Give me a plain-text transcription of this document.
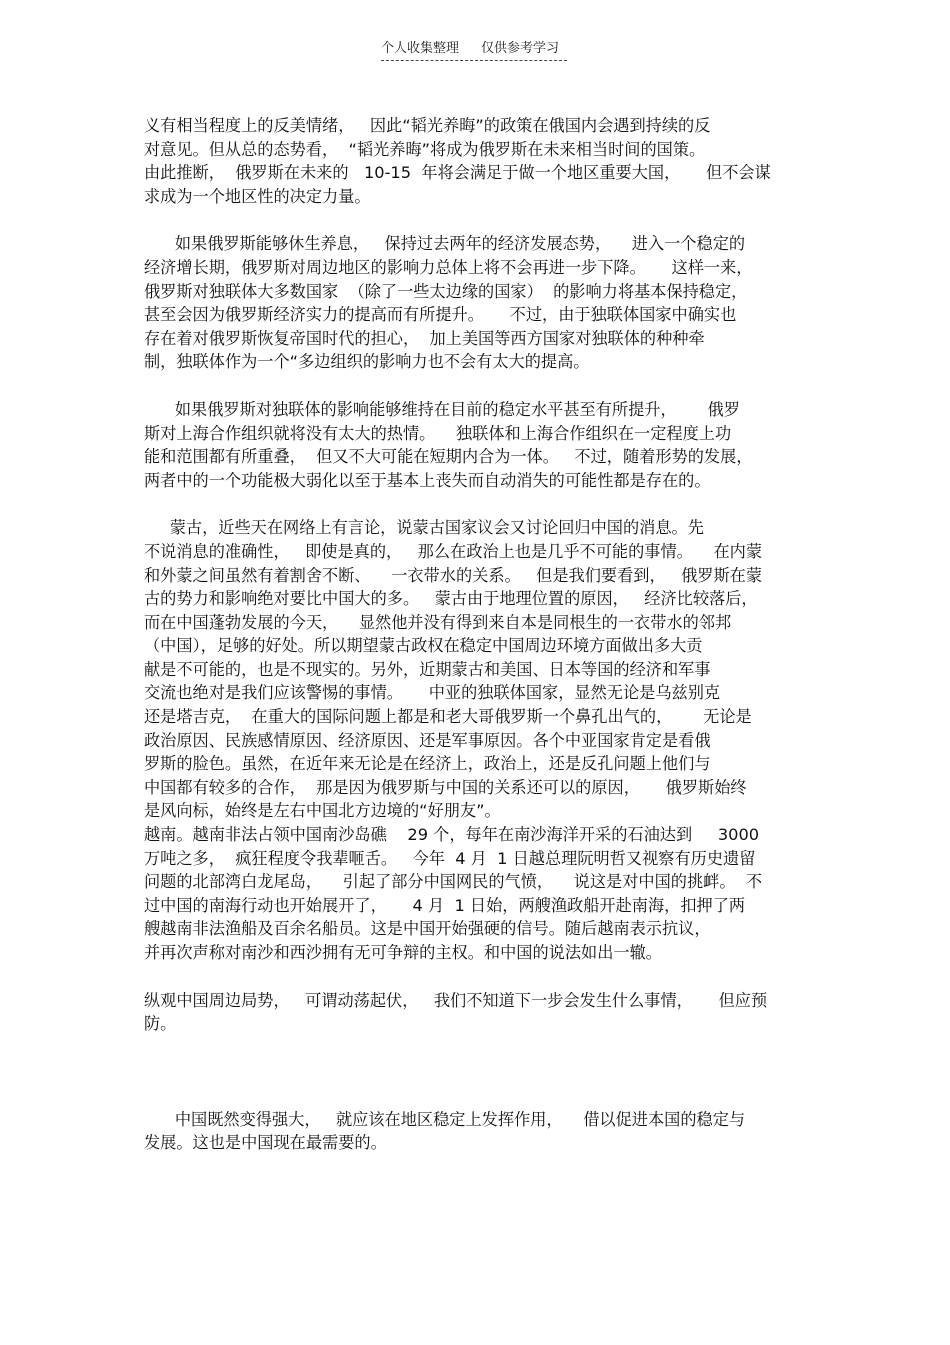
个人收集整理 仅供参考学习
义有相当程度上的反美情绪，   因此“韬光养晦”的政策在俄国内会遇到持续的反
对意见。但从总的态势看，  “韬光养晦”将成为俄罗斯在未来相当时间的国策。
由此推断，  俄罗斯在未来的   10-15  年将会满足于做一个地区重要大国，     但不会谋
求成为一个地区性的决定力量。
如果俄罗斯能够休生养息，   保持过去两年的经济发展态势，    进入一个稳定的
经济增长期，俄罗斯对周边地区的影响力总体上将不会再进一步下降。     这样一来，
俄罗斯对独联体大多数国家  （除了一些太边缘的国家）  的影响力将基本保持稳定，
甚至会因为俄罗斯经济实力的提高而有所提升。     不过，由于独联体国家中确实也
存在着对俄罗斯恢复帝国时代的担心，  加上美国等西方国家对独联体的种种牵
制，独联体作为一个“多边组织的影响力也不会有太大的提高。
如果俄罗斯对独联体的影响能够维持在目前的稳定水平甚至有所提升，      俄罗
斯对上海合作组织就将没有太大的热情。    独联体和上海合作组织在一定程度上功
能和范围都有所重叠，  但又不大可能在短期内合为一体。   不过，随着形势的发展，
两者中的一个功能极大弱化以至于基本上丧失而自动消失的可能性都是存在的。
蒙古，近些天在网络上有言论，说蒙古国家议会又讨论回归中国的消息。先
不说消息的准确性，   即使是真的，   那么在政治上也是几乎不可能的事情。    在内蒙
和外蒙之间虽然有着割舍不断、    一衣带水的关系。   但是我们要看到，   俄罗斯在蒙
古的势力和影响绝对要比中国大的多。   蒙古由于地理位置的原因，   经济比较落后，
而在中国蓬勃发展的今天，    显然他并没有得到来自本是同根生的一衣带水的邻邦
（中国），足够的好处。所以期望蒙古政权在稳定中国周边环境方面做出多大贡
献是不可能的，也是不现实的。另外，近期蒙古和美国、日本等国的经济和军事
交流也绝对是我们应该警惕的事情。     中亚的独联体国家，显然无论是乌兹别克
还是塔吉克，  在重大的国际问题上都是和老大哥俄罗斯一个鼻孔出气的，      无论是
政治原因、民族感情原因、经济原因、还是军事原因。各个中亚国家肯定是看俄
罗斯的脸色。虽然，在近年来无论是在经济上，政治上，还是反孔问题上他们与
中国都有较多的合作，  那是因为俄罗斯与中国的关系还可以的原因，     俄罗斯始终
是风向标，始终是左右中国北方边境的“好朋友”。
越南。越南非法占领中国南沙岛礁    29 个，每年在南沙海洋开采的石油达到     3000
万吨之多，  疯狂程度令我辈咂舌。   今年  4 月  1 日越总理阮明哲又视察有历史遗留
问题的北部湾白龙尾岛，    引起了部分中国网民的气愤，    说这是对中国的挑衅。  不
过中国的南海行动也开始展开了，     4 月  1 日始，两艘渔政船开赴南海，扣押了两
艘越南非法渔船及百余名船员。这是中国开始强硬的信号。随后越南表示抗议，
并再次声称对南沙和西沙拥有无可争辩的主权。和中国的说法如出一辙。
纵观中国周边局势，   可谓动荡起伏，   我们不知道下一步会发生什么事情，     但应预
防。
中国既然变得强大，   就应该在地区稳定上发挥作用，    借以促进本国的稳定与
发展。这也是中国现在最需要的。
